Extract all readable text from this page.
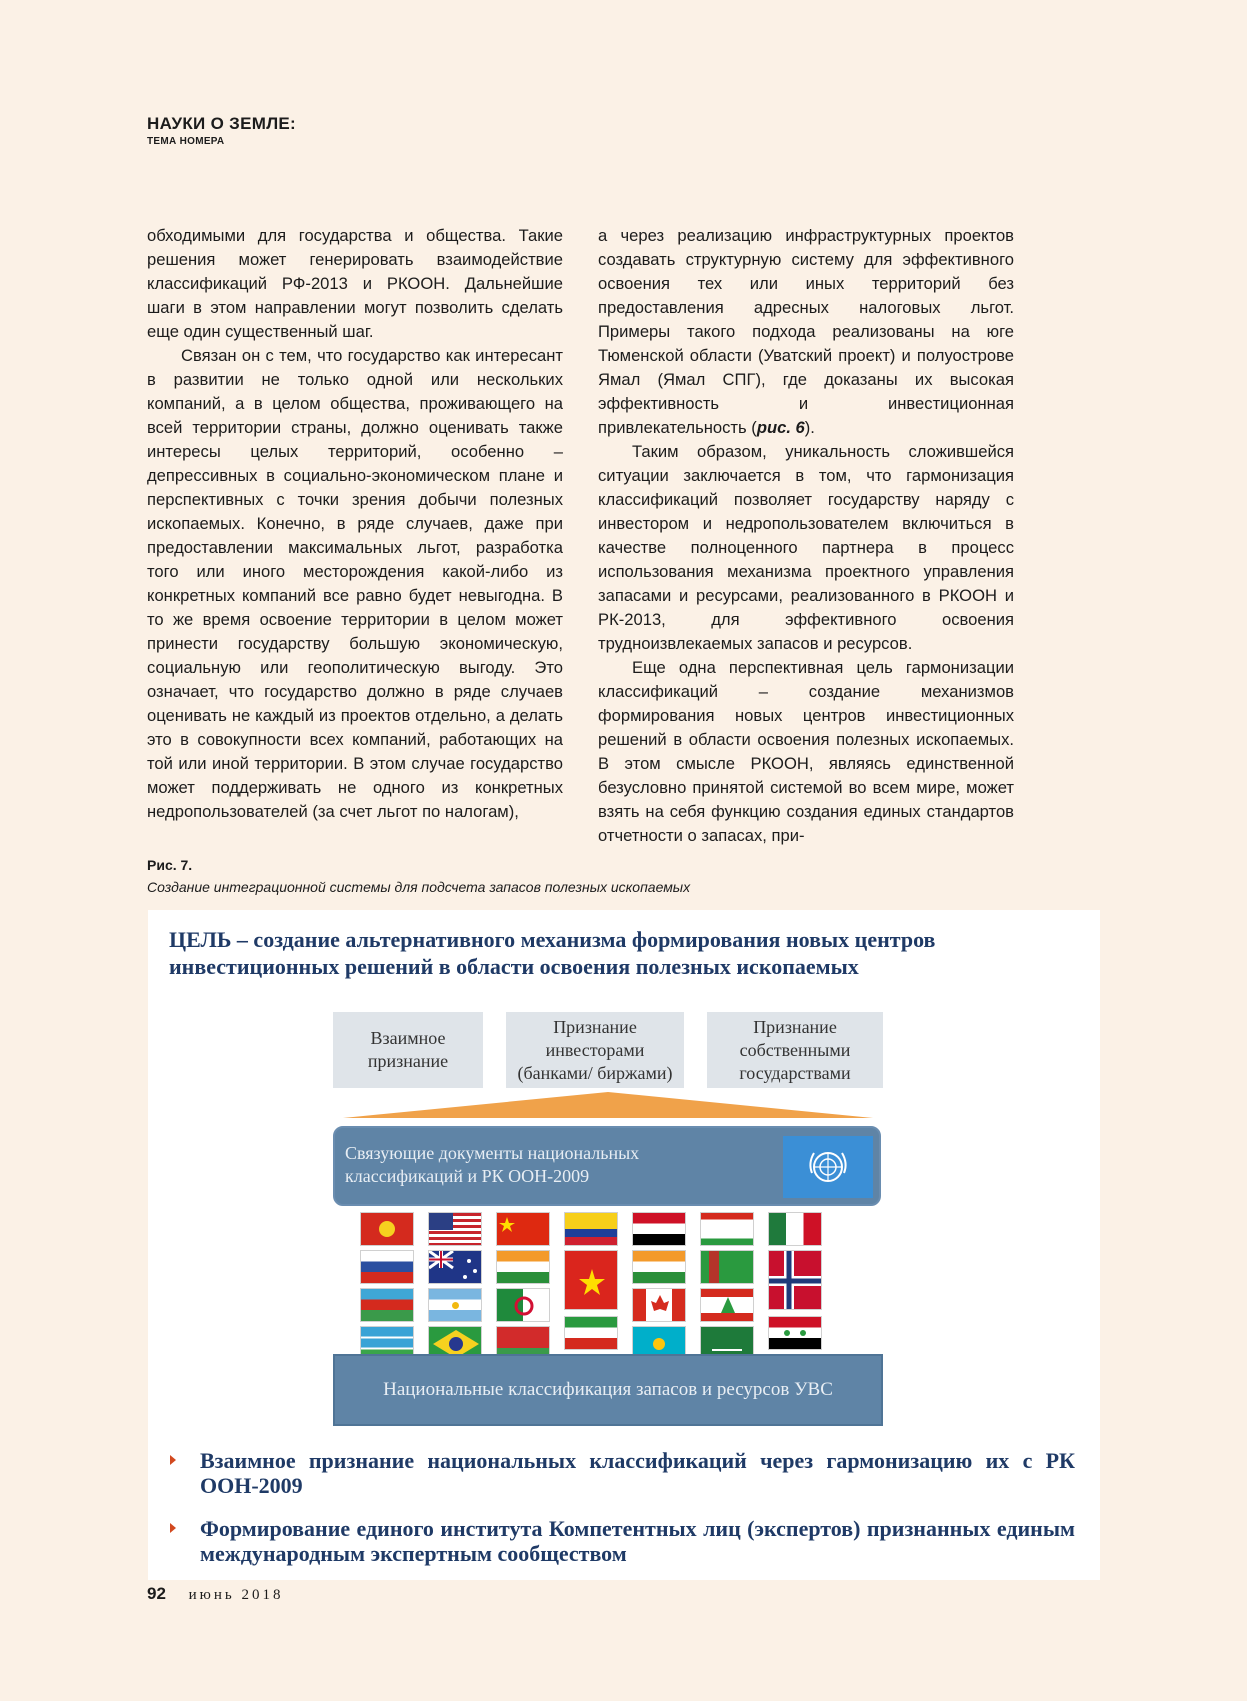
НАУКИ О ЗЕМЛЕ:
ТЕМА НОМЕРА

обходимыми для государства и общества. Такие решения может генерировать взаимодействие классификаций РФ-2013 и РКООН. Дальнейшие шаги в этом направлении могут позволить сделать еще один существенный шаг.

Связан он с тем, что государство как интересант в развитии не только одной или нескольких компаний, а в целом общества, проживающего на всей территории страны, должно оценивать также интересы целых территорий, особенно – депрессивных в социально-экономическом плане и перспективных с точки зрения добычи полезных ископаемых. Конечно, в ряде случаев, даже при предоставлении максимальных льгот, разработка того или иного месторождения какой-либо из конкретных компаний все равно будет невыгодна. В то же время освоение территории в целом может принести государству большую экономическую, социальную или геополитическую выгоду. Это означает, что государство должно в ряде случаев оценивать не каждый из проектов отдельно, а делать это в совокупности всех компаний, работающих на той или иной территории. В этом случае государство может поддерживать не одного из конкретных недропользователей (за счет льгот по налогам),

а через реализацию инфраструктурных проектов создавать структурную систему для эффективного освоения тех или иных территорий без предоставления адресных налоговых льгот. Примеры такого подхода реализованы на юге Тюменской области (Уватский проект) и полуострове Ямал (Ямал СПГ), где доказаны их высокая эффективность и инвестиционная привлекательность (рис. 6).

Таким образом, уникальность сложившейся ситуации заключается в том, что гармонизация классификаций позволяет государству наряду с инвестором и недропользователем включиться в качестве полноценного партнера в процесс использования механизма проектного управления запасами и ресурсами, реализованного в РКООН и РК-2013, для эффективного освоения трудноизвлекаемых запасов и ресурсов.

Еще одна перспективная цель гармонизации классификаций – создание механизмов формирования новых центров инвестиционных решений в области освоения полезных ископаемых. В этом смысле РКООН, являясь единственной безусловно принятой системой во всем мире, может взять на себя функцию создания единых стандартов отчетности о запасах, при-

Рис. 7.
Создание интеграционной системы для подсчета запасов полезных ископаемых
ЦЕЛЬ – создание альтернативного механизма формирования новых центров инвестиционных решений в области освоения полезных ископаемых
Взаимное признание
Признание инвесторами (банками/ биржами)
Признание собственными государствами
Связующие документы национальных классификаций и РК ООН-2009
Национальные классификация запасов и ресурсов УВС
Взаимное признание национальных классификаций через гармонизацию их с РК ООН-2009
Формирование единого института Компетентных лиц (экспертов) признанных единым международным экспертным сообществом
92 июнь 2018
